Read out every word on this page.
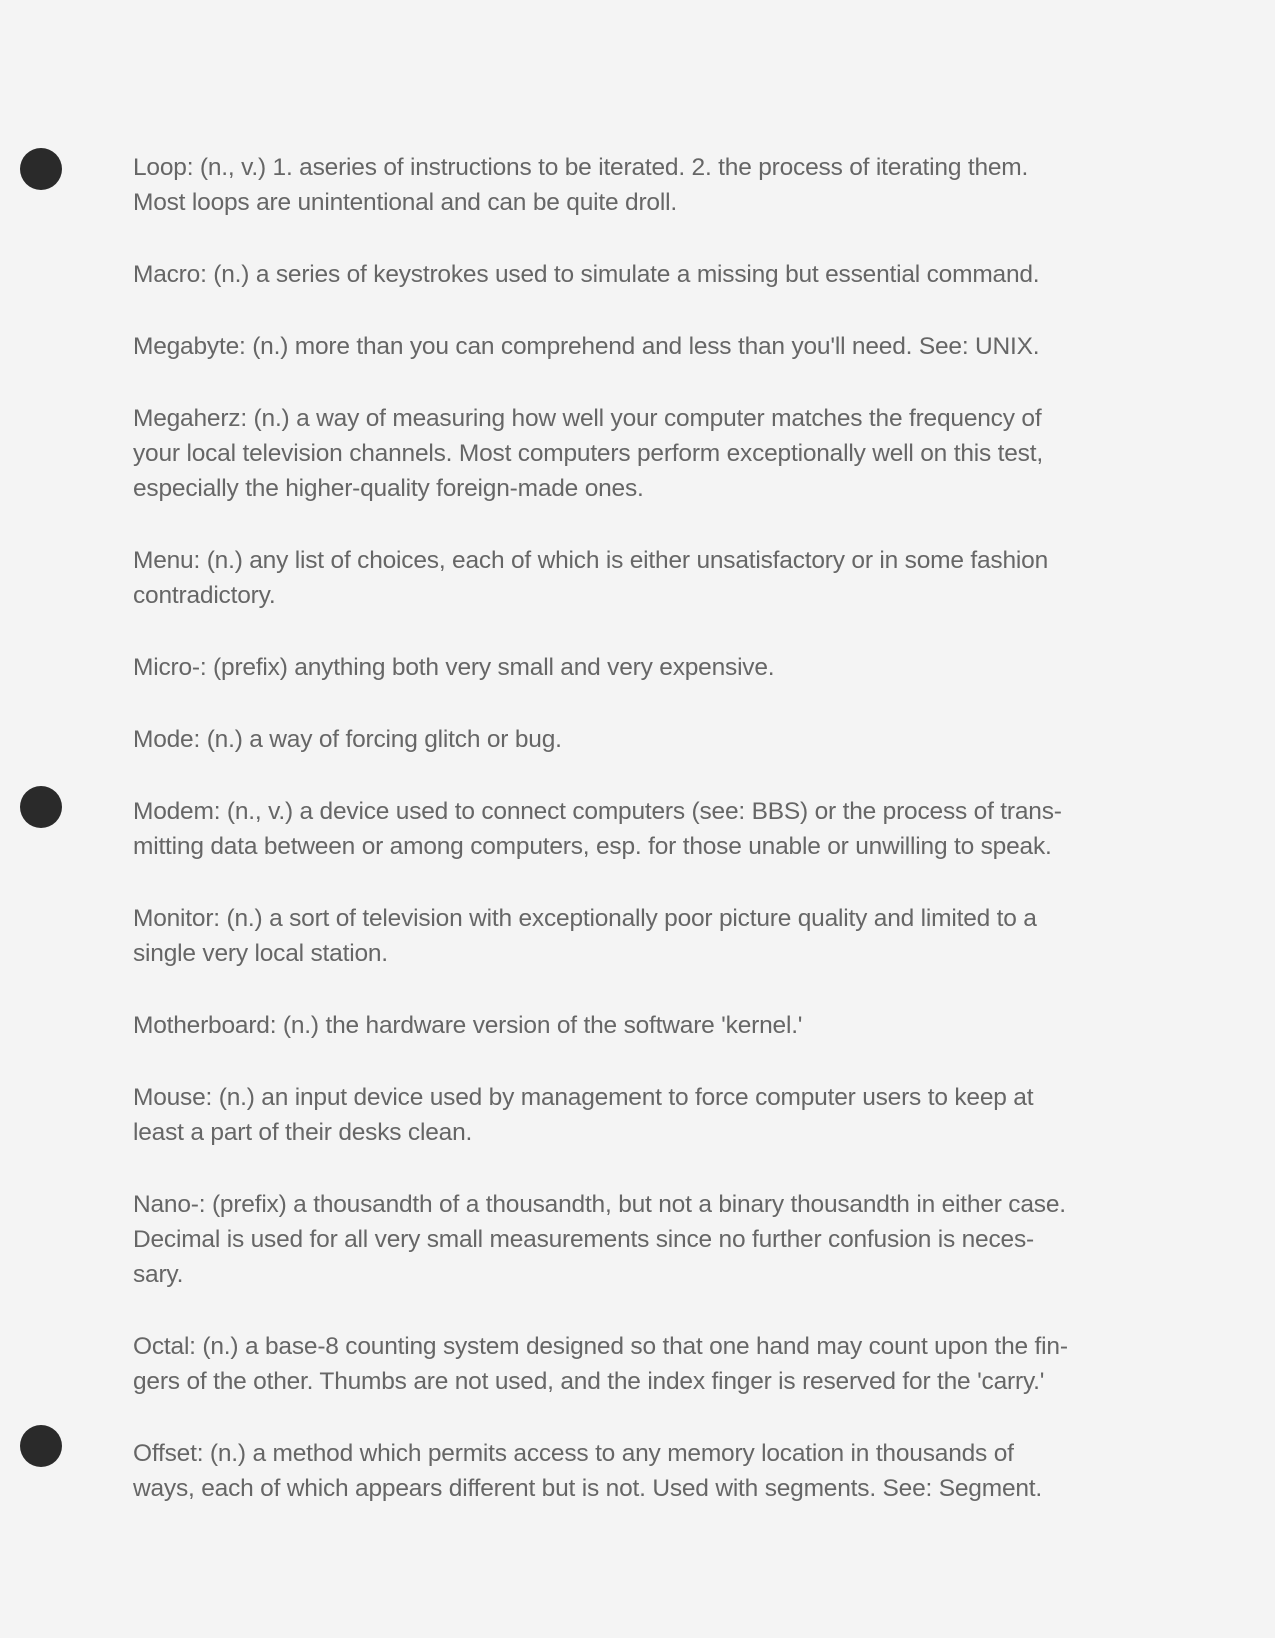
Loop: (n., v.) 1. aseries of instructions to be iterated. 2. the process of iterating them.
Most loops are unintentional and can be quite droll.
Macro: (n.) a series of keystrokes used to simulate a missing but essential command.
Megabyte: (n.) more than you can comprehend and less than you'll need. See: UNIX.
Megaherz: (n.) a way of measuring how well your computer matches the frequency of
your local television channels. Most computers perform exceptionally well on this test,
especially the higher-quality foreign-made ones.
Menu: (n.) any list of choices, each of which is either unsatisfactory or in some fashion
contradictory.
Micro-: (prefix) anything both very small and very expensive.
Mode: (n.) a way of forcing glitch or bug.
Modem: (n., v.) a device used to connect computers (see: BBS) or the process of trans-
mitting data between or among computers, esp. for those unable or unwilling to speak.
Monitor: (n.) a sort of television with exceptionally poor picture quality and limited to a
single very local station.
Motherboard: (n.) the hardware version of the software 'kernel.'
Mouse: (n.) an input device used by management to force computer users to keep at
least a part of their desks clean.
Nano-: (prefix) a thousandth of a thousandth, but not a binary thousandth in either case.
Decimal is used for all very small measurements since no further confusion is neces-
sary.
Octal: (n.) a base-8 counting system designed so that one hand may count upon the fin-
gers of the other. Thumbs are not used, and the index finger is reserved for the 'carry.'
Offset: (n.) a method which permits access to any memory location in thousands of
ways, each of which appears different but is not. Used with segments. See: Segment.
